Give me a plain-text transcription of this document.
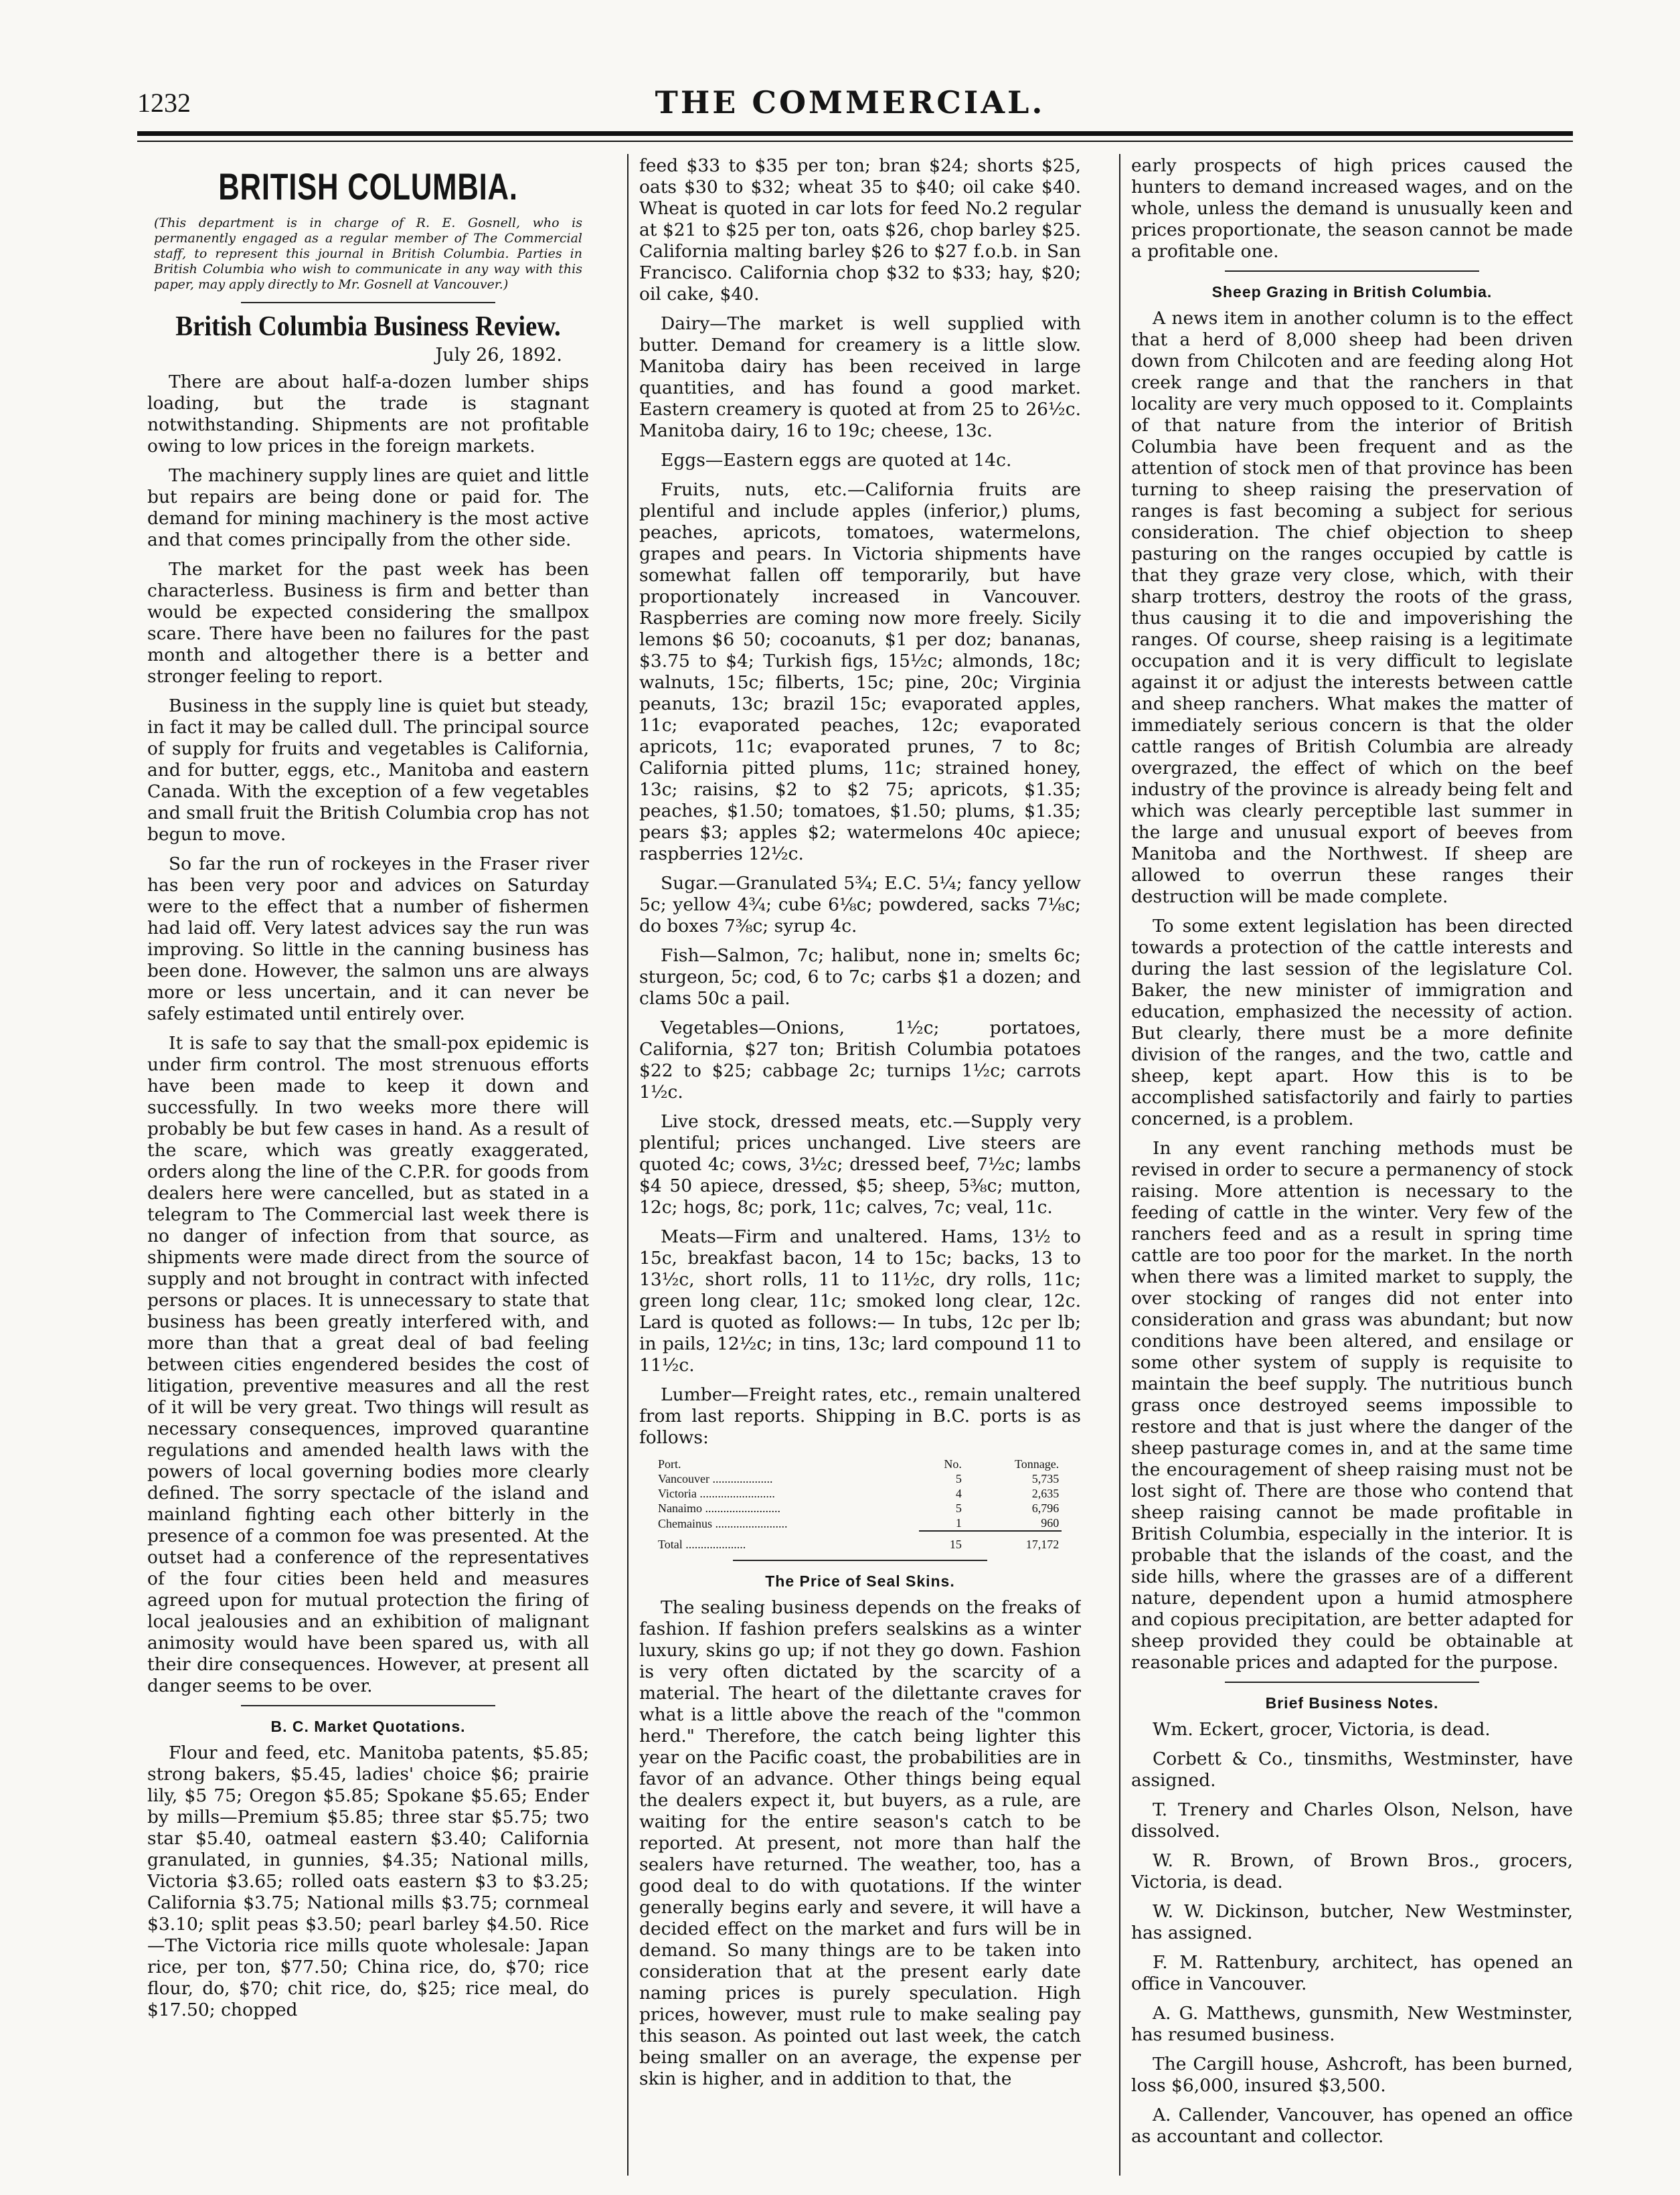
1232	THE COMMERCIAL.
BRITISH COLUMBIA.
(This department is in charge of R. E. Gosnell, who is permanently engaged as a regular member of The Commercial staff, to represent this journal in British Columbia. Parties in British Columbia who wish to communicate in any way with this paper, may apply directly to Mr. Gosnell at Vancouver.)
British Columbia Business Review.
July 26, 1892.

There are about half-a-dozen lumber ships loading, but the trade is stagnant notwithstanding. Shipments are not profitable owing to low prices in the foreign markets.

The machinery supply lines are quiet and little but repairs are being done or paid for. The demand for mining machinery is the most active and that comes principally from the other side.

The market for the past week has been characterless. Business is firm and better than would be expected considering the smallpox scare. There have been no failures for the past month and altogether there is a better and stronger feeling to report.

Business in the supply line is quiet but steady, in fact it may be called dull. The principal source of supply for fruits and vegetables is California, and for butter, eggs, etc., Manitoba and eastern Canada. With the exception of a few vegetables and small fruit the British Columbia crop has not begun to move.

So far the run of rockeyes in the Fraser river has been very poor and advices on Saturday were to the effect that a number of fishermen had laid off. Very latest advices say the run was improving. So little in the canning business has been done. However, the salmon uns are always more or less uncertain, and it can never be safely estimated until entirely over.

It is safe to say that the small-pox epidemic is under firm control. The most strenuous efforts have been made to keep it down and successfully. In two weeks more there will probably be but few cases in hand. As a result of the scare, which was greatly exaggerated, orders along the line of the C.P.R. for goods from dealers here were cancelled, but as stated in a telegram to The Commercial last week there is no danger of infection from that source, as shipments were made direct from the source of supply and not brought in contract with infected persons or places. It is unnecessary to state that business has been greatly interfered with, and more than that a great deal of bad feeling between cities engendered besides the cost of litigation, preventive measures and all the rest of it will be very great. Two things will result as necessary consequences, improved quarantine regulations and amended health laws with the powers of local governing bodies more clearly defined. The sorry spectacle of the island and mainland fighting each other bitterly in the presence of a common foe was presented. At the outset had a conference of the representatives of the four cities been held and measures agreed upon for mutual protection the firing of local jealousies and an exhibition of malignant animosity would have been spared us, with all their dire consequences. However, at present all danger seems to be over.

B. C. Market Quotations.

Flour and feed, etc. Manitoba patents, $5.85; strong bakers, $5.45, ladies' choice $6; prairie lily, $5 75; Oregon $5.85; Spokane $5.65; Ender by mills—Premium $5.85; three star $5.75; two star $5.40, oatmeal eastern $3.40; California granulated, in gunnies, $4.35; National mills, Victoria $3.65; rolled oats eastern $3 to $3.25; California $3.75; National mills $3.75; cornmeal $3.10; split peas $3.50; pearl barley $4.50. Rice—The Victoria rice mills quote wholesale: Japan rice, per ton, $77.50; China rice, do, $70; rice flour, do, $70; chit rice, do, $25; rice meal, do $17.50; chopped

feed $33 to $35 per ton; bran $24; shorts $25, oats $30 to $32; wheat 35 to $40; oil cake $40. Wheat is quoted in car lots for feed No.2 regular at $21 to $25 per ton, oats $26, chop barley $25. California malting barley $26 to $27 f.o.b. in San Francisco. California chop $32 to $33; hay, $20; oil cake, $40.

Dairy—The market is well supplied with butter. Demand for creamery is a little slow. Manitoba dairy has been received in large quantities, and has found a good market. Eastern creamery is quoted at from 25 to 26½c. Manitoba dairy, 16 to 19c; cheese, 13c.

Eggs—Eastern eggs are quoted at 14c.

Fruits, nuts, etc.—California fruits are plentiful and include apples (inferior,) plums, peaches, apricots, tomatoes, watermelons, grapes and pears. In Victoria shipments have somewhat fallen off temporarily, but have proportionately increased in Vancouver. Raspberries are coming now more freely. Sicily lemons $6 50; cocoanuts, $1 per doz; bananas, $3.75 to $4; Turkish figs, 15½c; almonds, 18c; walnuts, 15c; filberts, 15c; pine, 20c; Virginia peanuts, 13c; brazil 15c; evaporated apples, 11c; evaporated peaches, 12c; evaporated apricots, 11c; evaporated prunes, 7 to 8c; California pitted plums, 11c; strained honey, 13c; raisins, $2 to $2 75; apricots, $1.35; peaches, $1.50; tomatoes, $1.50; plums, $1.35; pears $3; apples $2; watermelons 40c apiece; raspberries 12½c.

Sugar.—Granulated 5¾; E.C. 5¼; fancy yellow 5c; yellow 4¾; cube 6⅛c; powdered, sacks 7⅛c; do boxes 7⅜c; syrup 4c.

Fish—Salmon, 7c; halibut, none in; smelts 6c; sturgeon, 5c; cod, 6 to 7c; carbs $1 a dozen; and clams 50c a pail.

Vegetables—Onions, 1½c; portatoes, California, $27 ton; British Columbia potatoes $22 to $25; cabbage 2c; turnips 1½c; carrots 1½c.

Live stock, dressed meats, etc.—Supply very plentiful; prices unchanged. Live steers are quoted 4c; cows, 3½c; dressed beef, 7½c; lambs $4 50 apiece, dressed, $5; sheep, 5⅜c; mutton, 12c; hogs, 8c; pork, 11c; calves, 7c; veal, 11c.

Meats—Firm and unaltered. Hams, 13½ to 15c, breakfast bacon, 14 to 15c; backs, 13 to 13½c, short rolls, 11 to 11½c, dry rolls, 11c; green long clear, 11c; smoked long clear, 12c. Lard is quoted as follows:— In tubs, 12c per lb; in pails, 12½c; in tins, 13c; lard compound 11 to 11½c.

Lumber—Freight rates, etc., remain unaltered from last reports. Shipping in B.C. ports is as follows:

Port.	No.	Tonnage.
Vancouver ....................	5	5,735
Victoria .........................	4	2,635
Nanaimo .........................	5	6,796
Chemainus ........................	1	960
Total ....................	15	17,172
The Price of Seal Skins.

The sealing business depends on the freaks of fashion. If fashion prefers sealskins as a winter luxury, skins go up; if not they go down. Fashion is very often dictated by the scarcity of a material. The heart of the dilettante craves for what is a little above the reach of the "common herd." Therefore, the catch being lighter this year on the Pacific coast, the probabilities are in favor of an advance. Other things being equal the dealers expect it, but buyers, as a rule, are waiting for the entire season's catch to be reported. At present, not more than half the sealers have returned. The weather, too, has a good deal to do with quotations. If the winter generally begins early and severe, it will have a decided effect on the market and furs will be in demand. So many things are to be taken into consideration that at the present early date naming prices is purely speculation. High prices, however, must rule to make sealing pay this season. As pointed out last week, the catch being smaller on an average, the expense per skin is higher, and in addition to that, the

early prospects of high prices caused the hunters to demand increased wages, and on the whole, unless the demand is unusually keen and prices proportionate, the season cannot be made a profitable one.

Sheep Grazing in British Columbia.

A news item in another column is to the effect that a herd of 8,000 sheep had been driven down from Chilcoten and are feeding along Hot creek range and that the ranchers in that locality are very much opposed to it. Complaints of that nature from the interior of British Columbia have been frequent and as the attention of stock men of that province has been turning to sheep raising the preservation of ranges is fast becoming a subject for serious consideration. The chief objection to sheep pasturing on the ranges occupied by cattle is that they graze very close, which, with their sharp trotters, destroy the roots of the grass, thus causing it to die and impoverishing the ranges. Of course, sheep raising is a legitimate occupation and it is very difficult to legislate against it or adjust the interests between cattle and sheep ranchers. What makes the matter of immediately serious concern is that the older cattle ranges of British Columbia are already overgrazed, the effect of which on the beef industry of the province is already being felt and which was clearly perceptible last summer in the large and unusual export of beeves from Manitoba and the Northwest. If sheep are allowed to overrun these ranges their destruction will be made complete.

To some extent legislation has been directed towards a protection of the cattle interests and during the last session of the legislature Col. Baker, the new minister of immigration and education, emphasized the necessity of action. But clearly, there must be a more definite division of the ranges, and the two, cattle and sheep, kept apart. How this is to be accomplished satisfactorily and fairly to parties concerned, is a problem.

In any event ranching methods must be revised in order to secure a permanency of stock raising. More attention is necessary to the feeding of cattle in the winter. Very few of the ranchers feed and as a result in spring time cattle are too poor for the market. In the north when there was a limited market to supply, the over stocking of ranges did not enter into consideration and grass was abundant; but now conditions have been altered, and ensilage or some other system of supply is requisite to maintain the beef supply. The nutritious bunch grass once destroyed seems impossible to restore and that is just where the danger of the sheep pasturage comes in, and at the same time the encouragement of sheep raising must not be lost sight of. There are those who contend that sheep raising cannot be made profitable in British Columbia, especially in the interior. It is probable that the islands of the coast, and the side hills, where the grasses are of a different nature, dependent upon a humid atmosphere and copious precipitation, are better adapted for sheep provided they could be obtainable at reasonable prices and adapted for the purpose.

Brief Business Notes.

Wm. Eckert, grocer, Victoria, is dead.

Corbett & Co., tinsmiths, Westminster, have assigned.

T. Trenery and Charles Olson, Nelson, have dissolved.

W. R. Brown, of Brown Bros., grocers, Victoria, is dead.

W. W. Dickinson, butcher, New Westminster, has assigned.

F. M. Rattenbury, architect, has opened an office in Vancouver.

A. G. Matthews, gunsmith, New Westminster, has resumed business.

The Cargill house, Ashcroft, has been burned, loss $6,000, insured $3,500.

A. Callender, Vancouver, has opened an office as accountant and collector.
